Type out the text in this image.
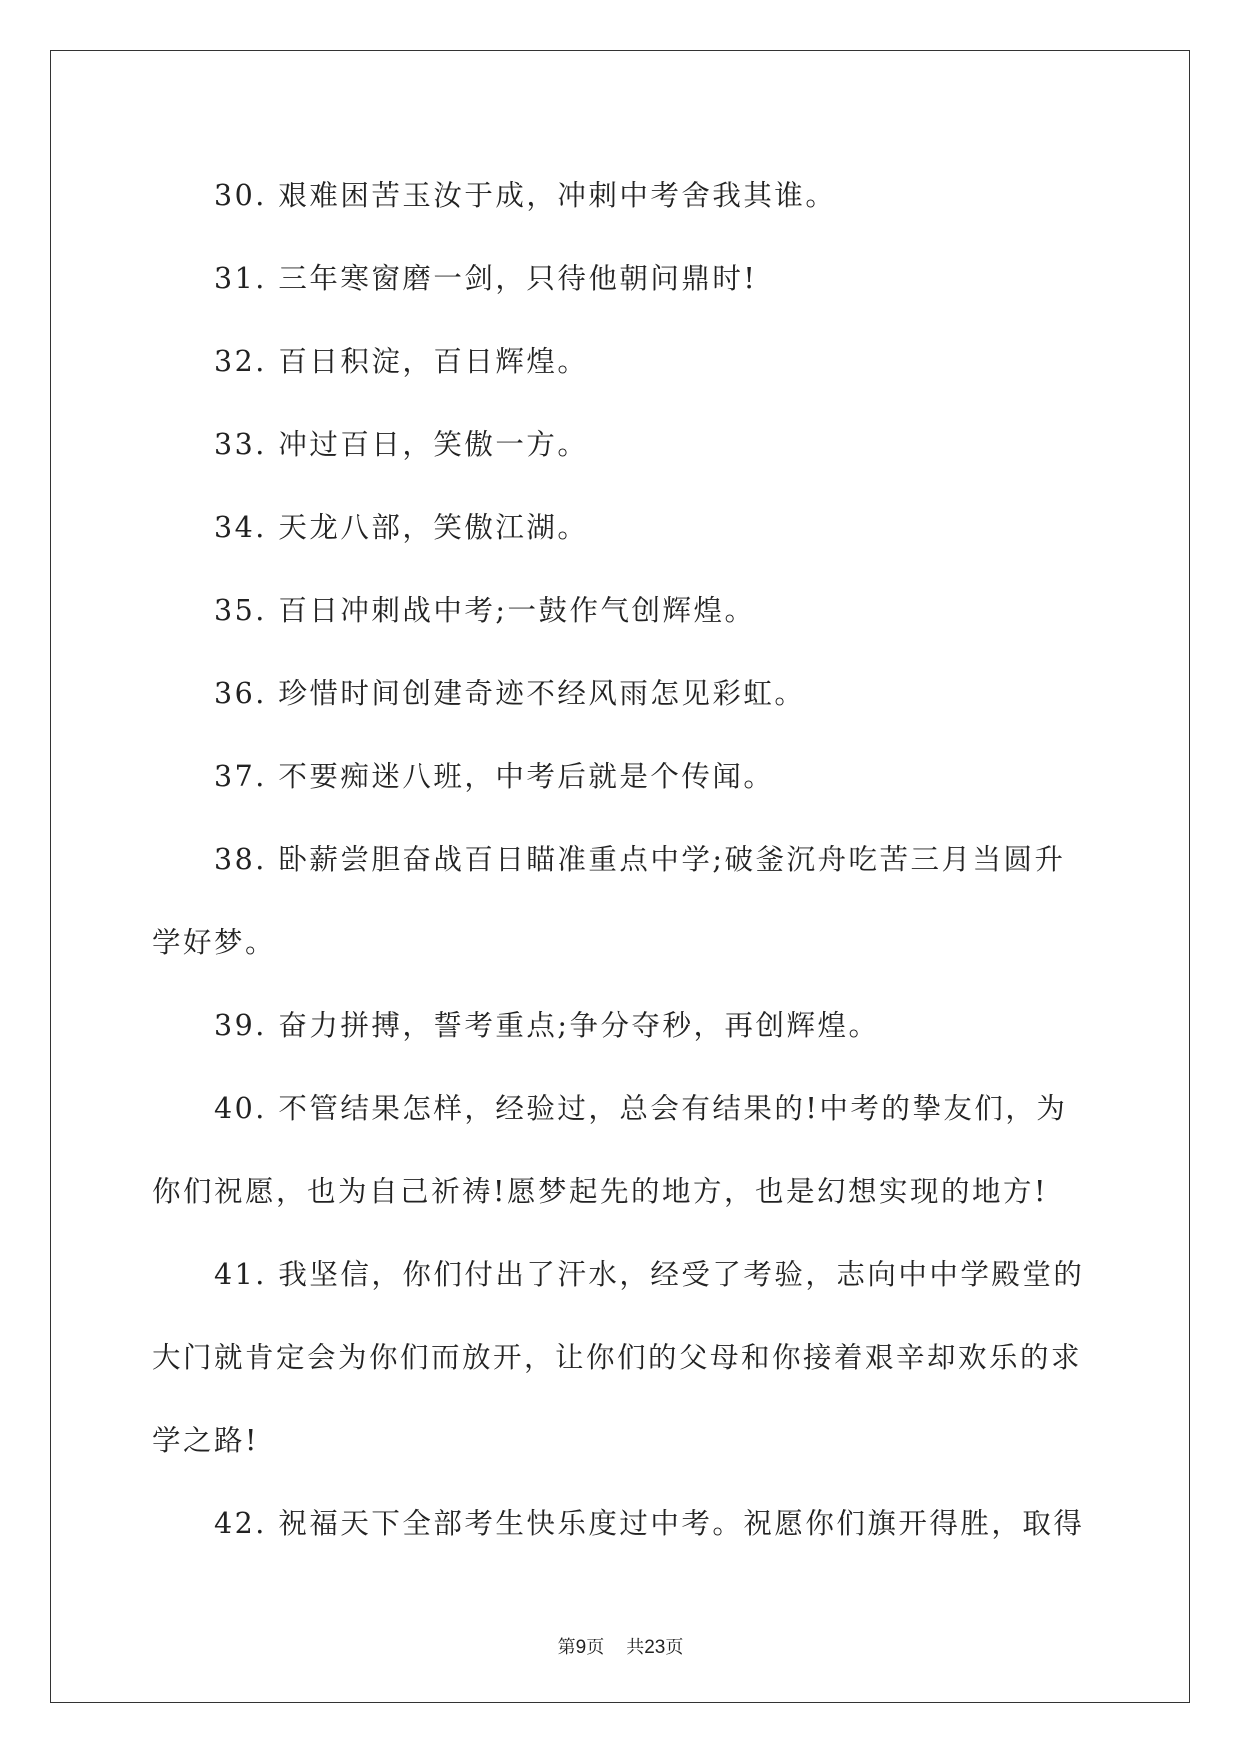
30. 艰难困苦玉汝于成，冲刺中考舍我其谁。

31. 三年寒窗磨一剑，只待他朝问鼎时!

32. 百日积淀，百日辉煌。

33. 冲过百日，笑傲一方。

34. 天龙八部，笑傲江湖。

35. 百日冲刺战中考;一鼓作气创辉煌。

36. 珍惜时间创建奇迹不经风雨怎见彩虹。

37. 不要痴迷八班，中考后就是个传闻。

38. 卧薪尝胆奋战百日瞄准重点中学;破釜沉舟吃苦三月当圆升学好梦。

39. 奋力拼搏，誓考重点;争分夺秒，再创辉煌。

40. 不管结果怎样，经验过，总会有结果的!中考的挚友们，为你们祝愿，也为自己祈祷!愿梦起先的地方，也是幻想实现的地方!

41. 我坚信，你们付出了汗水，经受了考验，志向中中学殿堂的大门就肯定会为你们而放开，让你们的父母和你接着艰辛却欢乐的求学之路!

42. 祝福天下全部考生快乐度过中考。祝愿你们旗开得胜，取得

第9页 共23页
